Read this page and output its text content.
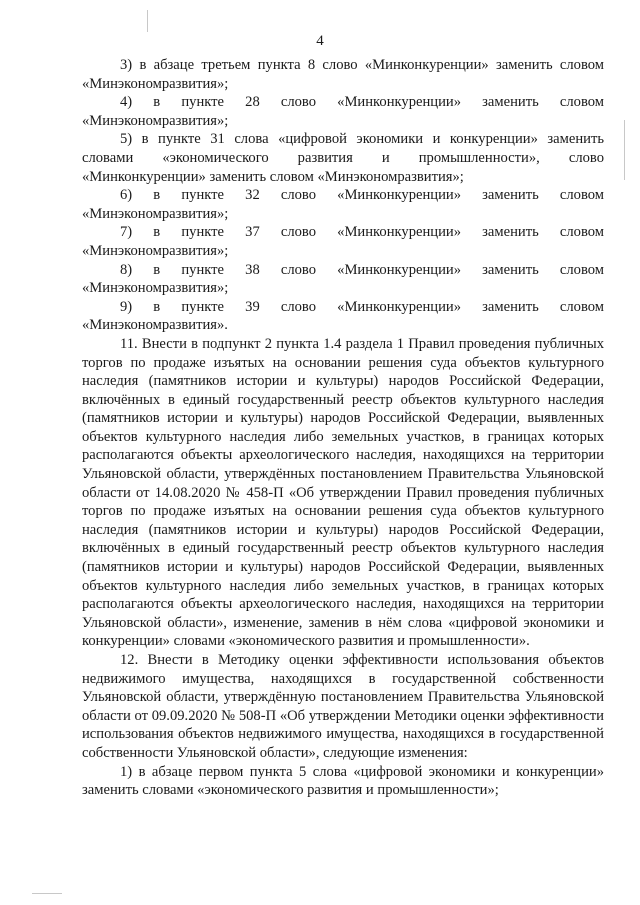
4

3) в абзаце третьем пункта 8 слово «Минконкуренции» заменить словом «Минэкономразвития»;

4) в пункте 28 слово «Минконкуренции» заменить словом «Минэкономразвития»;

5) в пункте 31 слова «цифровой экономики и конкуренции» заменить словами «экономического развития и промышленности», слово «Минконкуренции» заменить словом «Минэкономразвития»;

6) в пункте 32 слово «Минконкуренции» заменить словом «Минэкономразвития»;

7) в пункте 37 слово «Минконкуренции» заменить словом «Минэкономразвития»;

8) в пункте 38 слово «Минконкуренции» заменить словом «Минэкономразвития»;

9) в пункте 39 слово «Минконкуренции» заменить словом «Минэкономразвития».

11. Внести в подпункт 2 пункта 1.4 раздела 1 Правил проведения публичных торгов по продаже изъятых на основании решения суда объектов культурного наследия (памятников истории и культуры) народов Российской Федерации, включённых в единый государственный реестр объектов культурного наследия (памятников истории и культуры) народов Российской Федерации, выявленных объектов культурного наследия либо земельных участков, в границах которых располагаются объекты археологического наследия, находящихся на территории Ульяновской области, утверждённых постановлением Правительства Ульяновской области от 14.08.2020 № 458-П «Об утверждении Правил проведения публичных торгов по продаже изъятых на основании решения суда объектов культурного наследия (памятников истории и культуры) народов Российской Федерации, включённых в единый государственный реестр объектов культурного наследия (памятников истории и культуры) народов Российской Федерации, выявленных объектов культурного наследия либо земельных участков, в границах которых располагаются объекты археологического наследия, находящихся на территории Ульяновской области», изменение, заменив в нём слова «цифровой экономики и конкуренции» словами «экономического развития и промышленности».

12. Внести в Методику оценки эффективности использования объектов недвижимого имущества, находящихся в государственной собственности Ульяновской области, утверждённую постановлением Правительства Ульяновской области от 09.09.2020 № 508-П «Об утверждении Методики оценки эффективности использования объектов недвижимого имущества, находящихся в государственной собственности Ульяновской области», следующие изменения:

1) в абзаце первом пункта 5 слова «цифровой экономики и конкуренции» заменить словами «экономического развития и промышленности»;
